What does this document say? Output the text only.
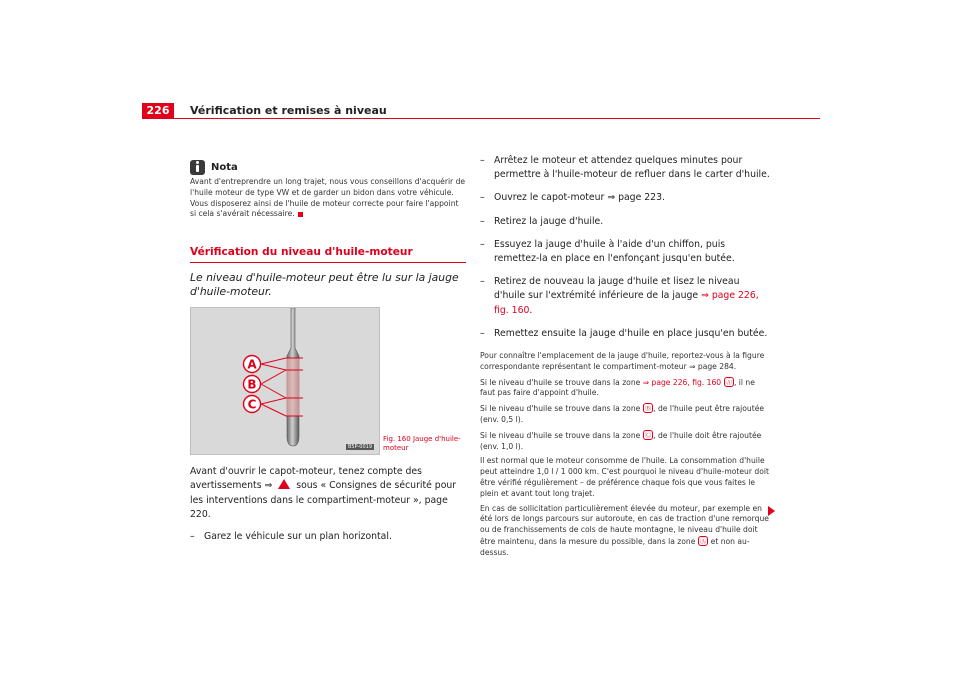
226	Vérification et remises à niveau
Nota
Avant d'entreprendre un long trajet, nous vous conseillons d'acquérir de l'huile moteur de type VW et de garder un bidon dans votre véhicule. Vous disposerez ainsi de l'huile de moteur correcte pour faire l'appoint si cela s'avérait nécessaire.
Vérification du niveau d'huile-moteur
Le niveau d'huile-moteur peut être lu sur la jauge d'huile-moteur.
A
B
C
B5P-0019
Fig. 160 Jauge d'huile-moteur
Avant d'ouvrir le capot-moteur, tenez compte des avertissements ⇒	sous « Consignes de sécurité pour les interventions dans le compartiment-moteur », page 220.
–	Garez le véhicule sur un plan horizontal.
–	Arrêtez le moteur et attendez quelques minutes pour permettre à l'huile-moteur de refluer dans le carter d'huile.
–	Ouvrez le capot-moteur ⇒ page 223.
–	Retirez la jauge d'huile.
–	Essuyez la jauge d'huile à l'aide d'un chiffon, puis remettez-la en place en l'enfonçant jusqu'en butée.
–	Retirez de nouveau la jauge d'huile et lisez le niveau d'huile sur l'extrémité inférieure de la jauge ⇒ page 226, fig. 160.
–	Remettez ensuite la jauge d'huile en place jusqu'en butée.

Pour connaître l'emplacement de la jauge d'huile, reportez-vous à la figure correspondante représentant le compartiment-moteur ⇒ page 284.

Si le niveau d'huile se trouve dans la zone ⇒ page 226, fig. 160 Ⓐ , il ne faut pas faire d'appoint d'huile.

Si le niveau d'huile se trouve dans la zone Ⓑ , de l'huile peut être rajoutée (env. 0,5 l).

Si le niveau d'huile se trouve dans la zone Ⓒ , de l'huile doit être rajoutée (env. 1,0 l).

Il est normal que le moteur consomme de l'huile. La consommation d'huile peut atteindre 1,0 l / 1 000 km. C'est pourquoi le niveau d'huile-moteur doit être vérifié régulièrement – de préférence chaque fois que vous faites le plein et avant tout long trajet.

En cas de sollicitation particulièrement élevée du moteur, par exemple en été lors de longs parcours sur autoroute, en cas de traction d'une remorque ou de franchissements de cols de haute montagne, le niveau d'huile doit être maintenu, dans la mesure du possible, dans la zone Ⓐ et non au-dessus.
